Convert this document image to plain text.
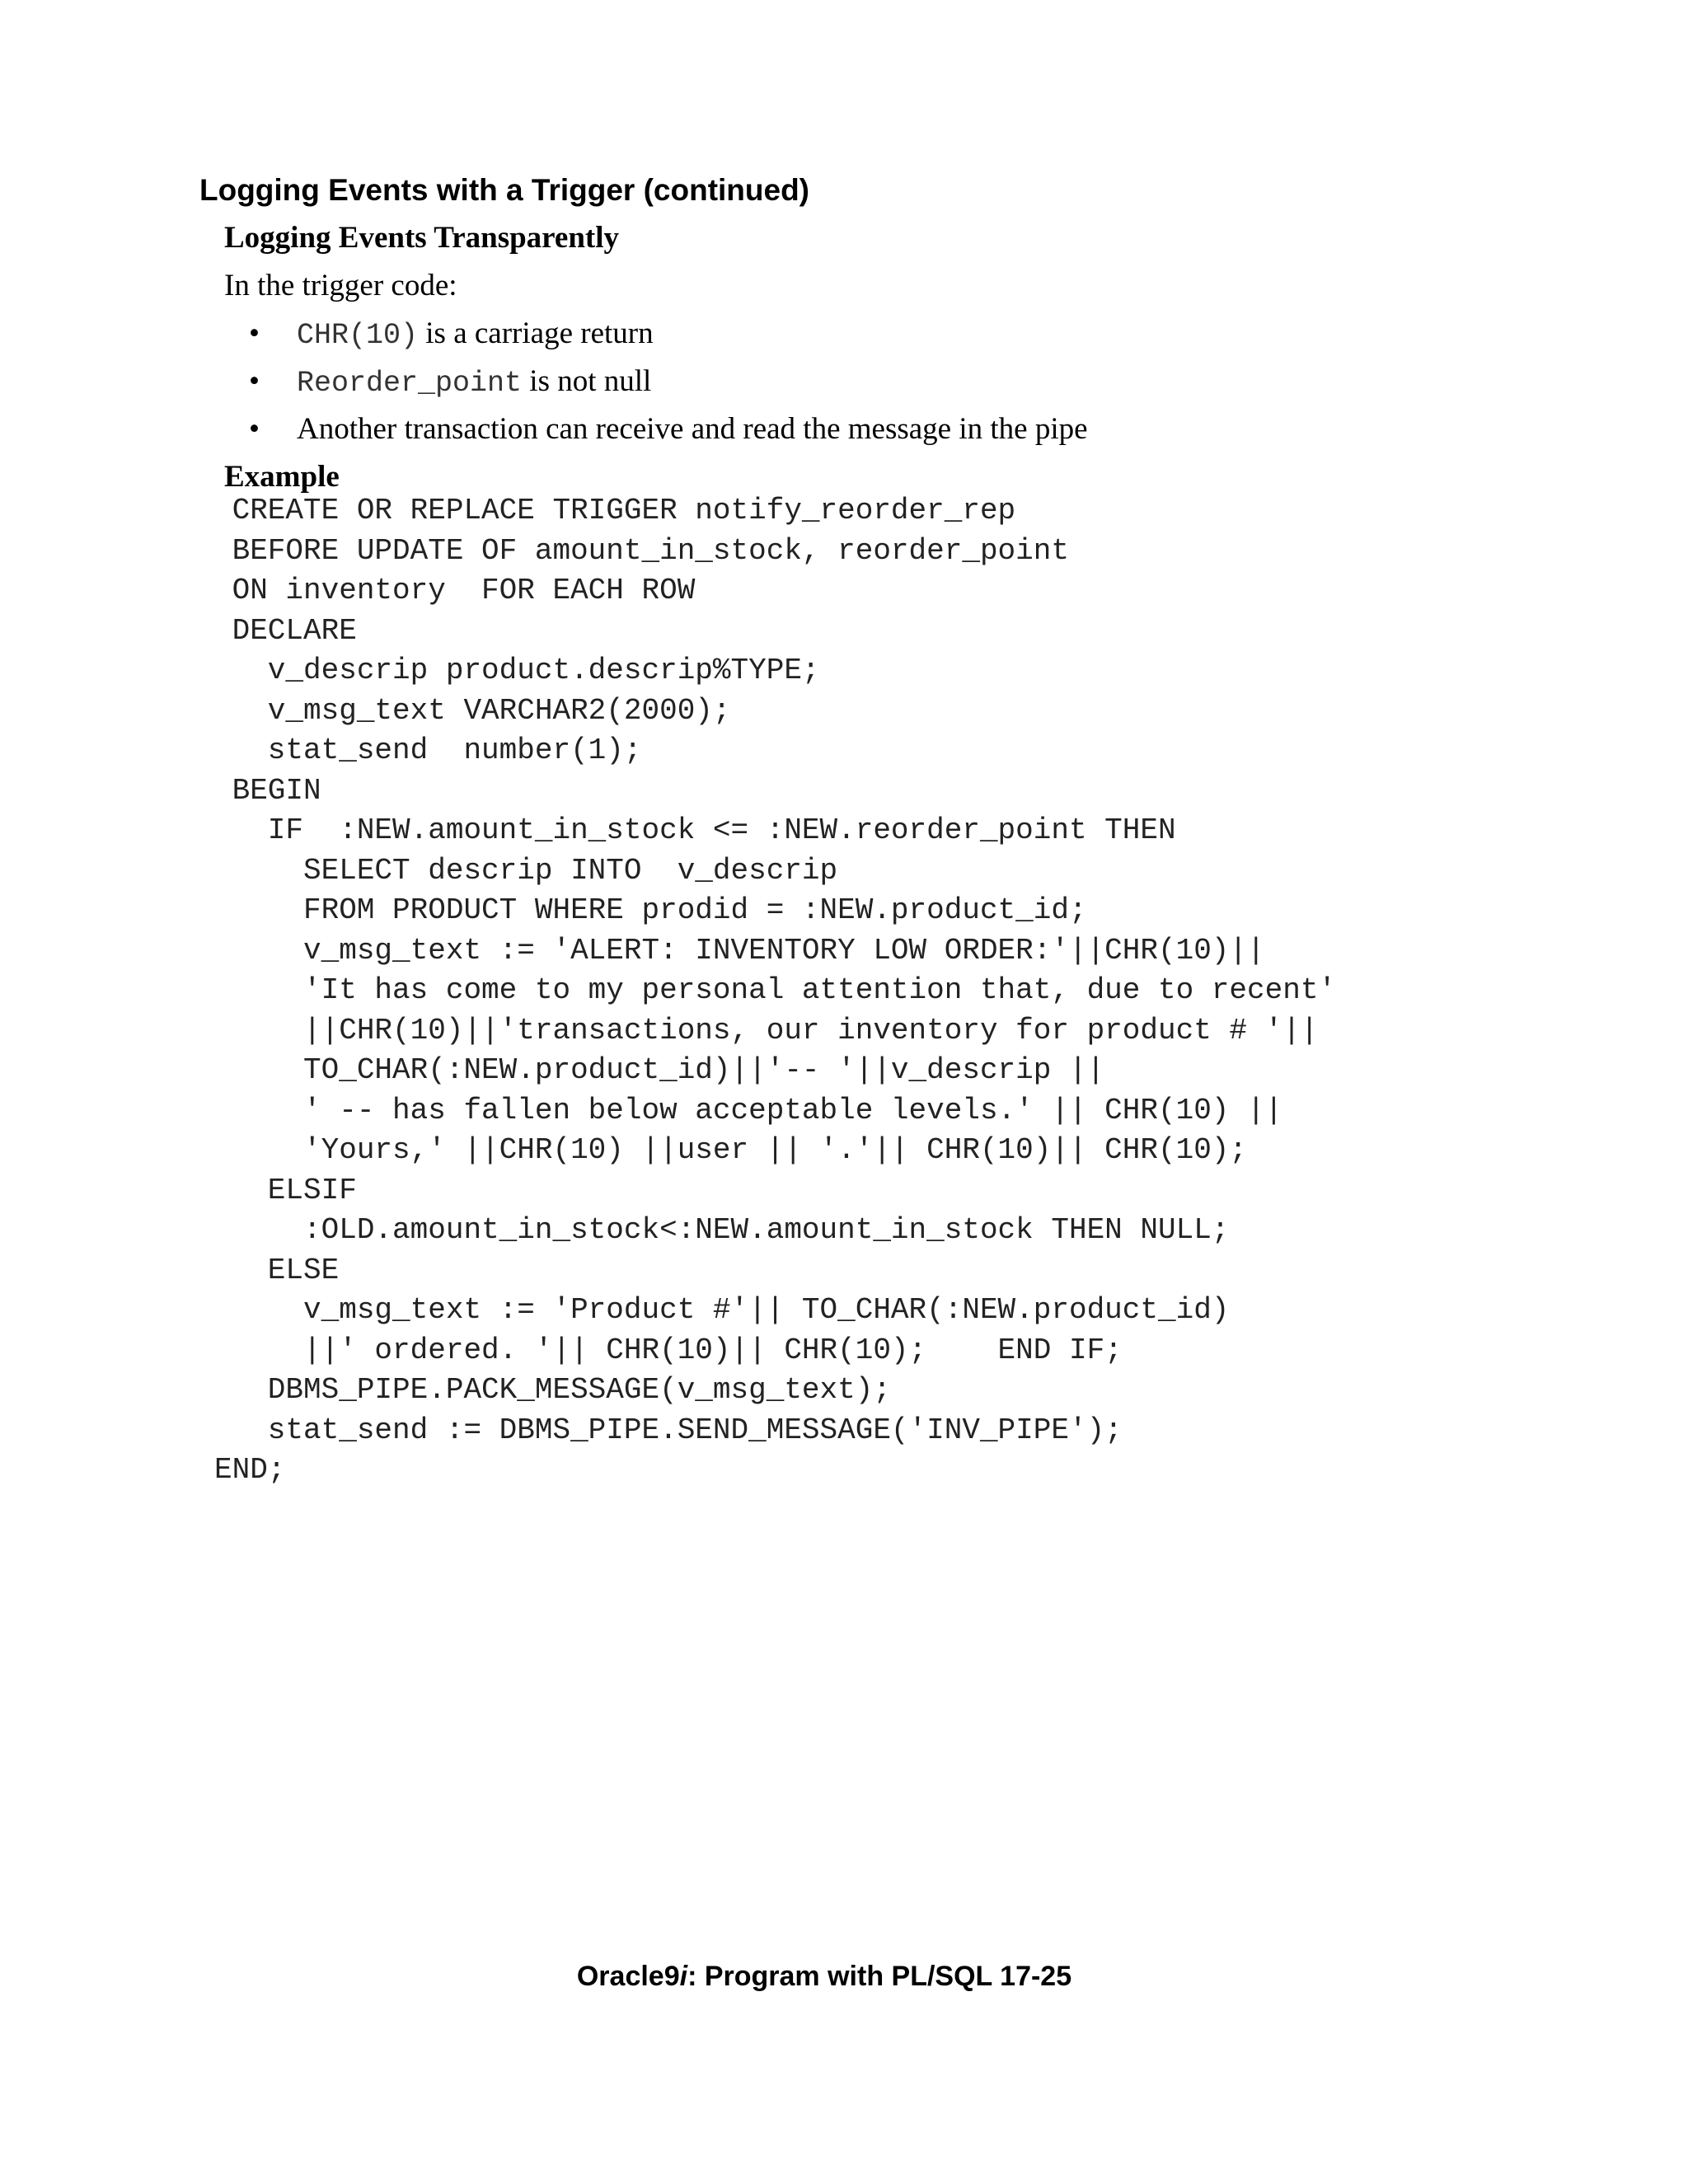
Logging Events with a Trigger (continued)
Logging Events Transparently

In the trigger code:

• CHR(10) is a carriage return
• Reorder_point is not null
• Another transaction can receive and read the message in the pipe

Example

CREATE OR REPLACE TRIGGER notify_reorder_rep
BEFORE UPDATE OF amount_in_stock, reorder_point
ON inventory  FOR EACH ROW
DECLARE
v_descrip product.descrip%TYPE;
v_msg_text VARCHAR2(2000);
stat_send  number(1);
BEGIN
IF  :NEW.amount_in_stock <= :NEW.reorder_point THEN
SELECT descrip INTO  v_descrip
FROM PRODUCT WHERE prodid = :NEW.product_id;
v_msg_text := 'ALERT: INVENTORY LOW ORDER:'||CHR(10)||
'It has come to my personal attention that, due to recent'
||CHR(10)||'transactions, our inventory for product # '||
TO_CHAR(:NEW.product_id)||'-- '||v_descrip ||
' -- has fallen below acceptable levels.' || CHR(10) ||
'Yours,' ||CHR(10) ||user || '.'|| CHR(10)|| CHR(10);
ELSIF
:OLD.amount_in_stock<:NEW.amount_in_stock THEN NULL;
ELSE
v_msg_text := 'Product #'|| TO_CHAR(:NEW.product_id)
||' ordered. '|| CHR(10)|| CHR(10);    END IF;
DBMS_PIPE.PACK_MESSAGE(v_msg_text);
stat_send := DBMS_PIPE.SEND_MESSAGE('INV_PIPE');
END;

Oracle9i: Program with PL/SQL 17-25
